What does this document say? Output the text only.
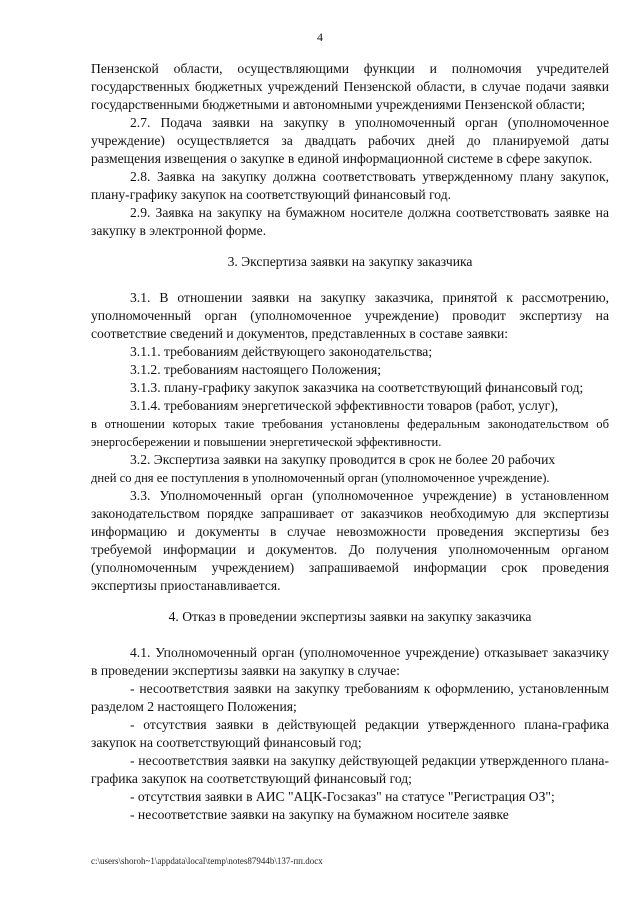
4

Пензенской области, осуществляющими функции и полномочия учредителей государственных бюджетных учреждений Пензенской области, в случае подачи заявки государственными бюджетными и автономными учреждениями Пензенской области;

2.7. Подача заявки на закупку в уполномоченный орган (уполномоченное учреждение) осуществляется за двадцать рабочих дней до планируемой даты размещения извещения о закупке в единой информационной системе в сфере закупок.

2.8. Заявка на закупку должна соответствовать утвержденному плану закупок, плану-графику закупок на соответствующий финансовый год.

2.9. Заявка на закупку на бумажном носителе должна соответствовать заявке на закупку в электронной форме.

3. Экспертиза заявки на закупку заказчика

3.1. В отношении заявки на закупку заказчика, принятой к рассмотрению, уполномоченный орган (уполномоченное учреждение) проводит экспертизу на соответствие сведений и документов, представленных в составе заявки:

3.1.1. требованиям действующего законодательства;

3.1.2. требованиям настоящего Положения;

3.1.3. плану-графику закупок заказчика на соответствующий финансовый год;

3.1.4. требованиям энергетической эффективности товаров (работ, услуг),

в отношении которых такие требования установлены федеральным законодательством об энергосбережении и повышении энергетической эффективности.

3.2. Экспертиза заявки на закупку проводится в срок не более 20 рабочих

дней со дня ее поступления в уполномоченный орган (уполномоченное учреждение).

3.3. Уполномоченный орган (уполномоченное учреждение) в установленном законодательством порядке запрашивает от заказчиков необходимую для экспертизы информацию и документы в случае невозможности проведения экспертизы без требуемой информации и документов. До получения уполномоченным органом (уполномоченным учреждением) запрашиваемой информации срок проведения экспертизы приостанавливается.

4. Отказ в проведении экспертизы заявки на закупку заказчика

4.1. Уполномоченный орган (уполномоченное учреждение) отказывает заказчику в проведении экспертизы заявки на закупку в случае:

- несоответствия заявки на закупку требованиям к оформлению, установленным разделом 2 настоящего Положения;

- отсутствия заявки в действующей редакции утвержденного плана-графика закупок на соответствующий финансовый год;

- несоответствия заявки на закупку действующей редакции утвержденного плана-графика закупок на соответствующий финансовый год;

- отсутствия заявки в АИС "АЦК-Госзаказ" на статусе "Регистрация ОЗ";

- несоответствие заявки на закупку на бумажном носителе заявке

c:\users\shoroh~1\appdata\local\temp\notes87944b\137-пп.docx
